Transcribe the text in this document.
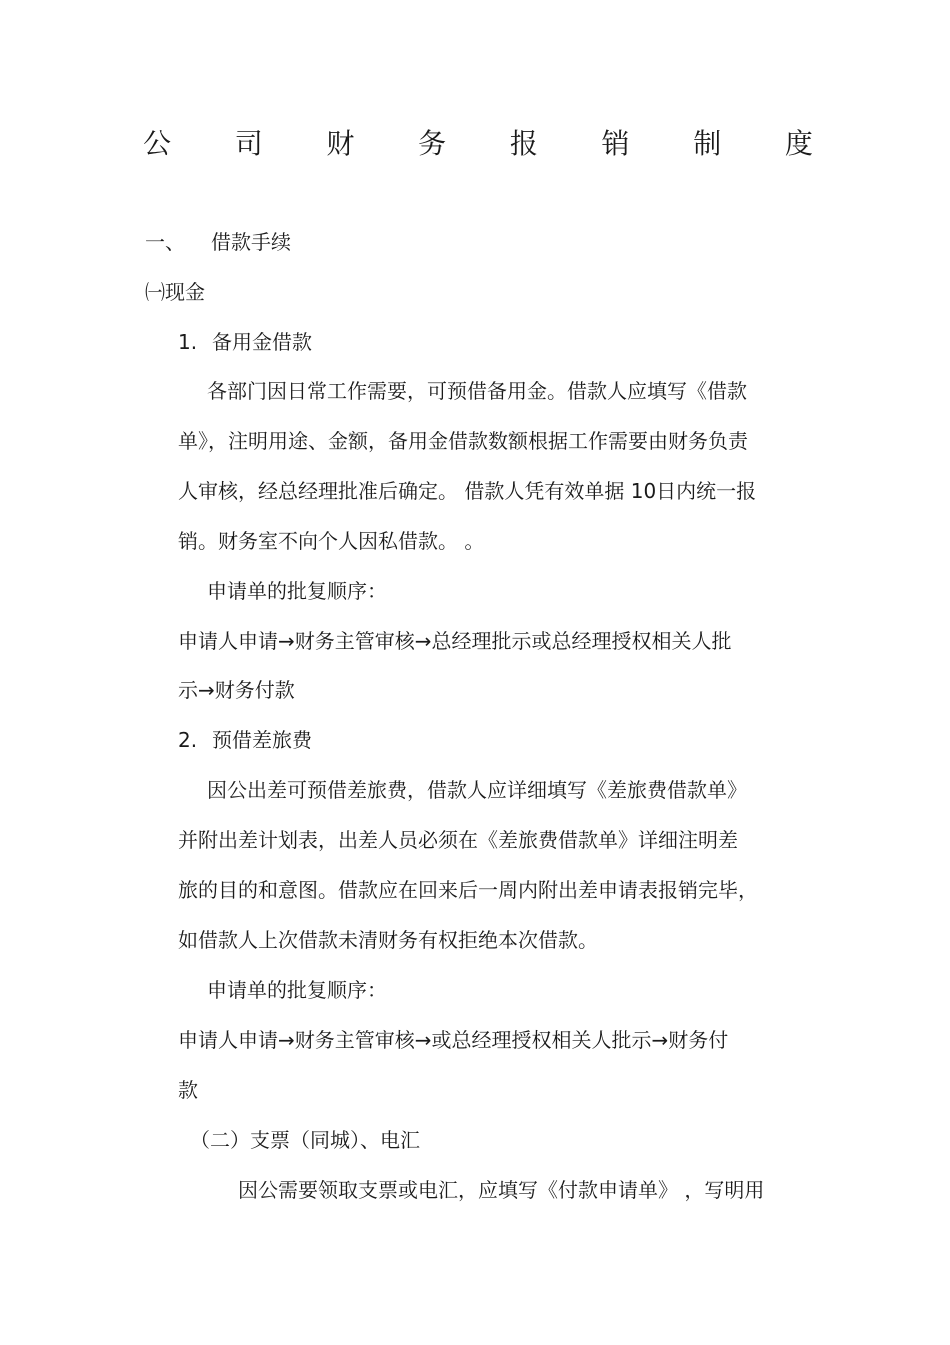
公 司 财 务 报 销 制 度
一、 借款手续
㈠现金
1. 备用金借款
各部门因日常工作需要，可预借备用金。借款人应填写《借款
单》，注明用途、金额，备用金借款数额根据工作需要由财务负责
人审核，经总经理批准后确定。 借款人凭有效单据 10日内统一报
销。财务室不向个人因私借款。 。
申请单的批复顺序：
申请人申请→财务主管审核→总经理批示或总经理授权相关人批
示→财务付款
2. 预借差旅费
因公出差可预借差旅费，借款人应详细填写《差旅费借款单》
并附出差计划表，出差人员必须在《差旅费借款单》详细注明差
旅的目的和意图。借款应在回来后一周内附出差申请表报销完毕，
如借款人上次借款未清财务有权拒绝本次借款。
申请单的批复顺序：
申请人申请→财务主管审核→或总经理授权相关人批示→财务付
款
（二）支票（同城）、电汇
因公需要领取支票或电汇，应填写《付款申请单》 ，写明用
